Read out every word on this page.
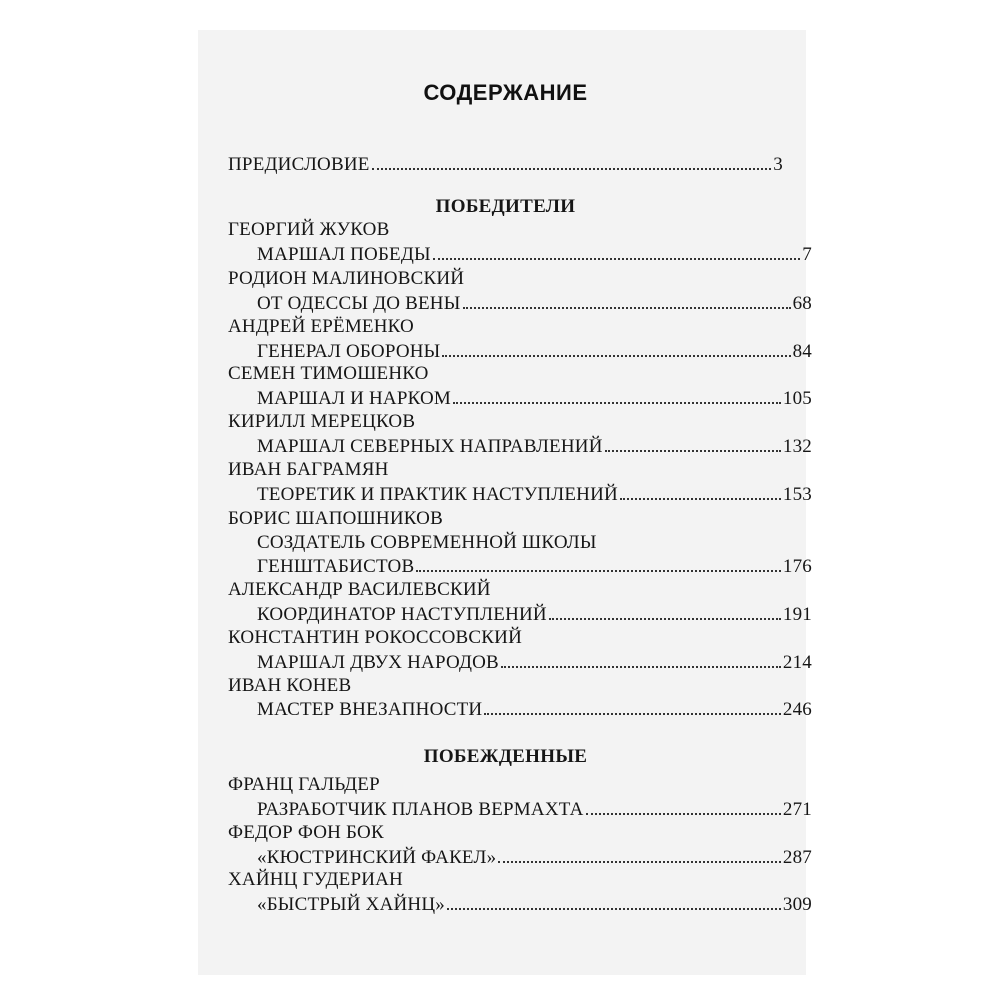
СОДЕРЖАНИЕ
ПРЕДИСЛОВИЕ	3
ПОБЕДИТЕЛИ
ГЕОРГИЙ ЖУКОВ
МАРШАЛ ПОБЕДЫ	7
РОДИОН МАЛИНОВСКИЙ
ОТ ОДЕССЫ ДО ВЕНЫ	68
АНДРЕЙ ЕРЁМЕНКО
ГЕНЕРАЛ ОБОРОНЫ	84
СЕМЕН ТИМОШЕНКО
МАРШАЛ И НАРКОМ	105
КИРИЛЛ МЕРЕЦКОВ
МАРШАЛ СЕВЕРНЫХ НАПРАВЛЕНИЙ	132
ИВАН БАГРАМЯН
ТЕОРЕТИК И ПРАКТИК НАСТУПЛЕНИЙ	153
БОРИС ШАПОШНИКОВ
СОЗДАТЕЛЬ СОВРЕМЕННОЙ ШКОЛЫ
ГЕНШТАБИСТОВ	176
АЛЕКСАНДР ВАСИЛЕВСКИЙ
КООРДИНАТОР НАСТУПЛЕНИЙ	191
КОНСТАНТИН РОКОССОВСКИЙ
МАРШАЛ ДВУХ НАРОДОВ	214
ИВАН КОНЕВ
МАСТЕР ВНЕЗАПНОСТИ	246
ПОБЕЖДЕННЫЕ
ФРАНЦ ГАЛЬДЕР
РАЗРАБОТЧИК ПЛАНОВ ВЕРМАХТА	271
ФЕДОР ФОН БОК
«КЮСТРИНСКИЙ ФАКЕЛ»	287
ХАЙНЦ ГУДЕРИАН
«БЫСТРЫЙ ХАЙНЦ»	309
